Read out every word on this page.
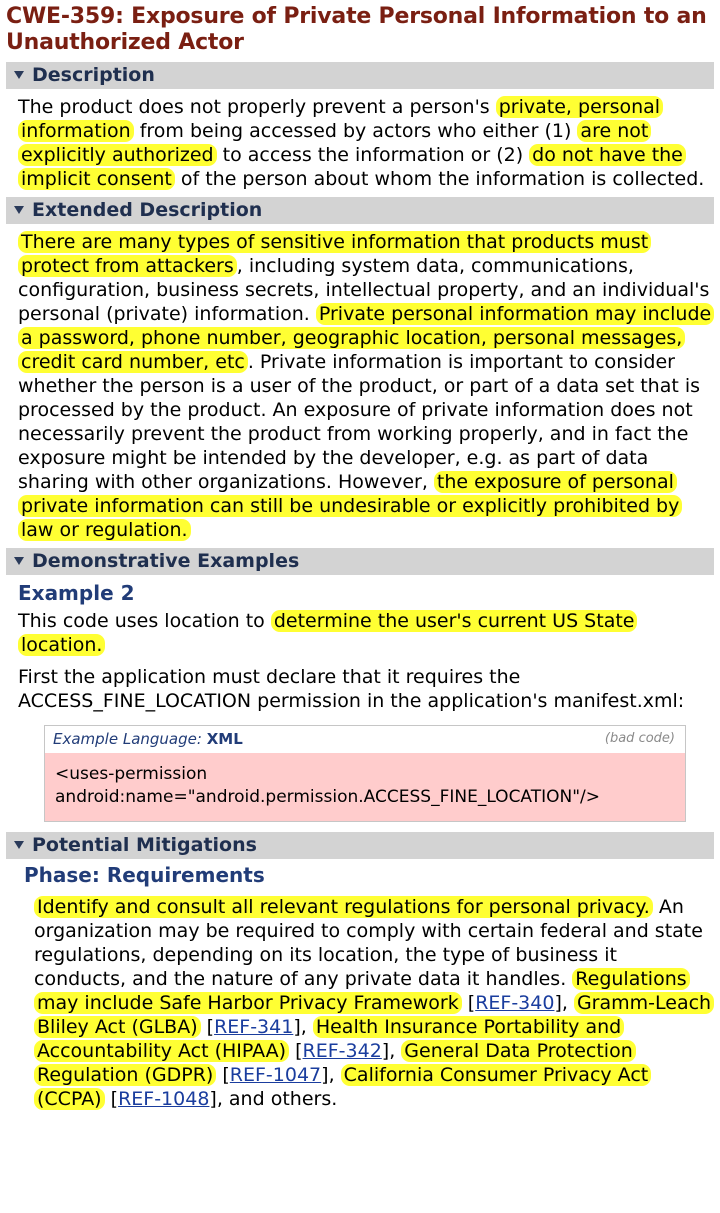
CWE-359: Exposure of Private Personal Information to an Unauthorized Actor
Description
The product does not properly prevent a person's private, personal information from being accessed by actors who either (1) are not explicitly authorized to access the information or (2) do not have the implicit consent of the person about whom the information is collected.
Extended Description
There are many types of sensitive information that products must protect from attackers , including system data, communications, configuration, business secrets, intellectual property, and an individual's personal (private) information. Private personal information may include a password, phone number, geographic location, personal messages, credit card number, etc . Private information is important to consider whether the person is a user of the product, or part of a data set that is processed by the product. An exposure of private information does not necessarily prevent the product from working properly, and in fact the exposure might be intended by the developer, e.g. as part of data sharing with other organizations. However, the exposure of personal private information can still be undesirable or explicitly prohibited by law or regulation.
Demonstrative Examples
Example 2
This code uses location to determine the user's current US State location.
First the application must declare that it requires the ACCESS_FINE_LOCATION permission in the application's manifest.xml:
Example Language: XML	(bad code)
<uses-permission
android:name="android.permission.ACCESS_FINE_LOCATION"/>
Potential Mitigations
Phase: Requirements
Identify and consult all relevant regulations for personal privacy. An organization may be required to comply with certain federal and state regulations, depending on its location, the type of business it conducts, and the nature of any private data it handles. Regulations may include Safe Harbor Privacy Framework [REF-340], Gramm-Leach Bliley Act (GLBA) [REF-341], Health Insurance Portability and Accountability Act (HIPAA) [REF-342], General Data Protection Regulation (GDPR) [REF-1047], California Consumer Privacy Act (CCPA) [REF-1048], and others.
